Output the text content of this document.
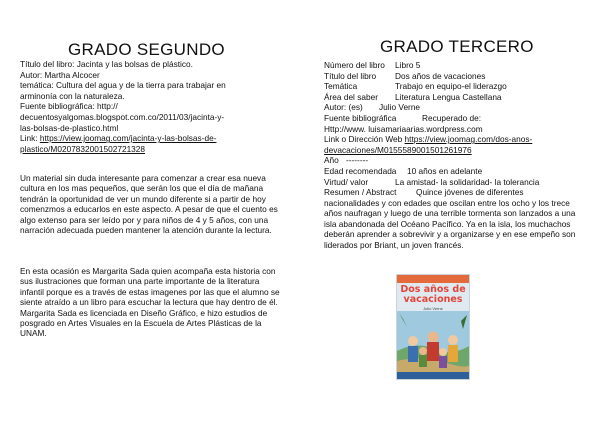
GRADO SEGUNDO
Título del libro: Jacinta y las bolsas de plástico.
Autor: Martha Alcocer
temática: Cultura del agua y de la tierra para trabajar en
arminonía con la naturaleza.
Fuente bibliográfica: http://
decuentosyalgomas.blogspot.com.co/2011/03/jacinta-y-
las-bolsas-de-plastico.html
Link: https://view.joomag.com/jacinta-y-las-bolsas-de-
plastico/M0207832001502721328
Un material sin duda interesante para comenzar a crear esa nueva cultura en los mas pequeños, que serán los que el día de mañana tendrán la oportunidad de ver un mundo diferente si a partir de hoy comenzmos a educarlos en este aspecto. A pesar de que el cuento es algo extenso para ser leído por y para niños de 4 y 5 años, con una narración adecuada pueden mantener la atención durante la lectura.
En esta ocasión es Margarita Sada quien acompaña esta historia con sus ilustraciones que forman una parte importante de la literatura infantil porque es a través de estas imagenes por las que el alumno se siente atraído a un libro para escuchar la lectura que hay dentro de él. Margarita Sada es licenciada en Diseño Gráfico, e hizo estudios de posgrado en Artes Visuales en la Escuela de Artes Plásticas de la UNAM.
GRADO TERCERO
Número del libro Libro 5
Título del libro Dos años de vacaciones
Temática	Trabajo en equipo-el liderazgo
Área del saber Literatura Lengua Castellana
Autor: (es) Julio Verne
Fuente bibliográfica	Recuperado de:
Http://www. luisamariaarias.wordpress.com
Link o Dirección Web https://view.joomag.com/dos-anos-
devacaciones/M0155589001501261976
Año --------
Edad recomendada 10 años en adelante
Virtud/ valor	La amistad- la solidaridad- la tolerancia
Resumen / Abstract Quince jóvenes de diferentes
nacionalidades y con edades que oscilan entre los ocho y los trece años naufragan y luego de una terrible tormenta son lanzados a una isla abandonada del Océano Pacífico. Ya en la isla, los muchachos deberán aprender a sobrevivir y a organizarse y en ese empeño son liderados por Briant, un joven francés.
Dos años de vacaciones
Julio Verne
